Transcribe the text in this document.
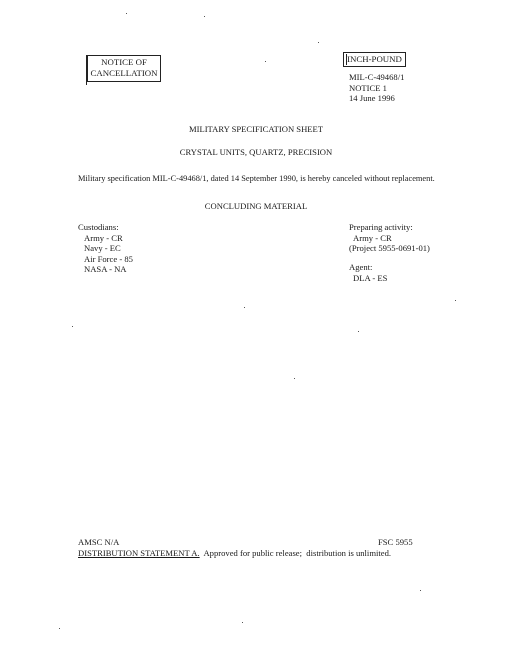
NOTICE OF
CANCELLATION
INCH-POUND
MIL-C-49468/1
NOTICE 1
14 June 1996
MILITARY SPECIFICATION SHEET
CRYSTAL UNITS, QUARTZ, PRECISION
Military specification MIL-C-49468/1, dated 14 September 1990, is hereby canceled without replacement.
CONCLUDING MATERIAL
Custodians:
Army - CR
Navy - EC
Air Force - 85
NASA - NA
Preparing activity:
Army - CR
(Project 5955-0691-01)
Agent:
DLA - ES
AMSC N/A	FSC 5955
DISTRIBUTION STATEMENT A.  Approved for public release;  distribution is unlimited.
